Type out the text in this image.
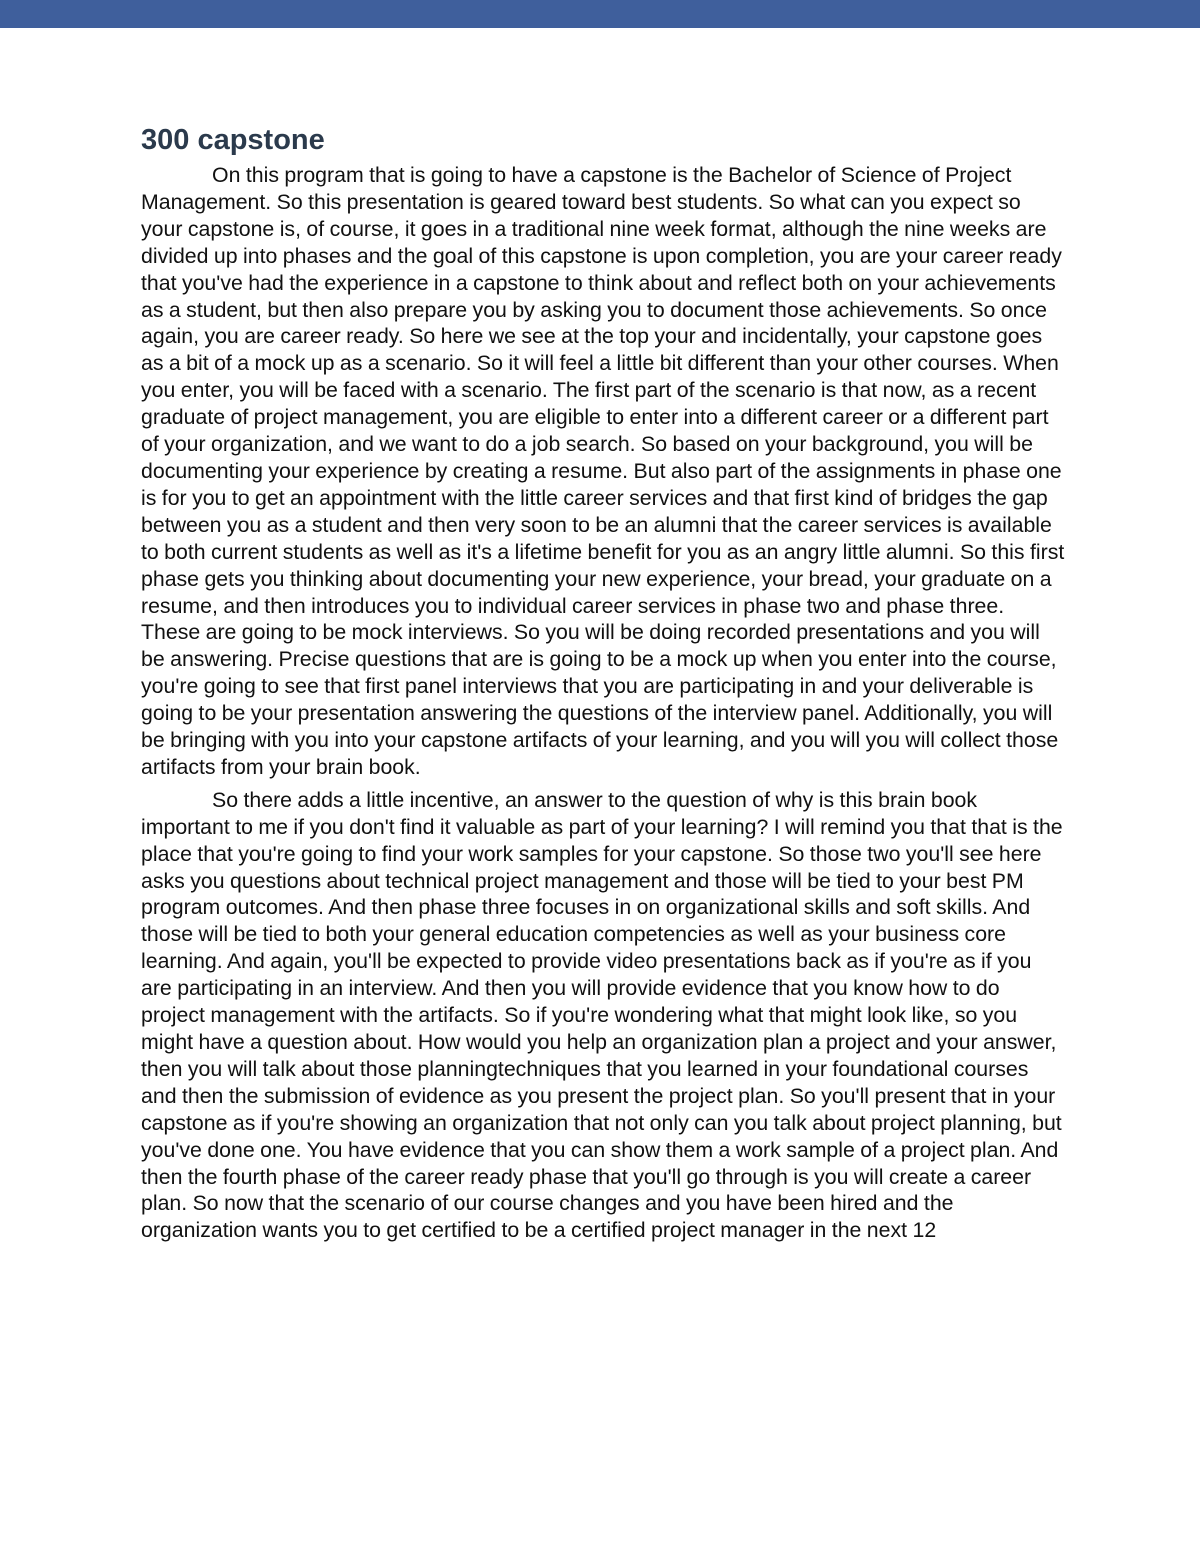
300 capstone

On this program that is going to have a capstone is the Bachelor of Science of Project Management. So this presentation is geared toward best students. So what can you expect so your capstone is, of course, it goes in a traditional nine week format, although the nine weeks are divided up into phases and the goal of this capstone is upon completion, you are your career ready that you've had the experience in a capstone to think about and reflect both on your achievements as a student, but then also prepare you by asking you to document those achievements. So once again, you are career ready. So here we see at the top your and incidentally, your capstone goes as a bit of a mock up as a scenario. So it will feel a little bit different than your other courses. When you enter, you will be faced with a scenario. The first part of the scenario is that now, as a recent graduate of project management, you are eligible to enter into a different career or a different part of your organization, and we want to do a job search. So based on your background, you will be documenting your experience by creating a resume. But also part of the assignments in phase one is for you to get an appointment with the little career services and that first kind of bridges the gap between you as a student and then very soon to be an alumni that the career services is available to both current students as well as it's a lifetime benefit for you as an angry little alumni. So this first phase gets you thinking about documenting your new experience, your bread, your graduate on a resume, and then introduces you to individual career services in phase two and phase three. These are going to be mock interviews. So you will be doing recorded presentations and you will be answering. Precise questions that are is going to be a mock up when you enter into the course, you're going to see that first panel interviews that you are participating in and your deliverable is going to be your presentation answering the questions of the interview panel. Additionally, you will be bringing with you into your capstone artifacts of your learning, and you will you will collect those artifacts from your brain book.

So there adds a little incentive, an answer to the question of why is this brain book important to me if you don't find it valuable as part of your learning? I will remind you that that is the place that you're going to find your work samples for your capstone. So those two you'll see here asks you questions about technical project management and those will be tied to your best PM program outcomes. And then phase three focuses in on organizational skills and soft skills. And those will be tied to both your general education competencies as well as your business core learning. And again, you'll be expected to provide video presentations back as if you're as if you are participating in an interview. And then you will provide evidence that you know how to do project management with the artifacts. So if you're wondering what that might look like, so you might have a question about. How would you help an organization plan a project and your answer, then you will talk about those planningtechniques that you learned in your foundational courses and then the submission of evidence as you present the project plan. So you'll present that in your capstone as if you're showing an organization that not only can you talk about project planning, but you've done one. You have evidence that you can show them a work sample of a project plan. And then the fourth phase of the career ready phase that you'll go through is you will create a career plan. So now that the scenario of our course changes and you have been hired and the organization wants you to get certified to be a certified project manager in the next 12
